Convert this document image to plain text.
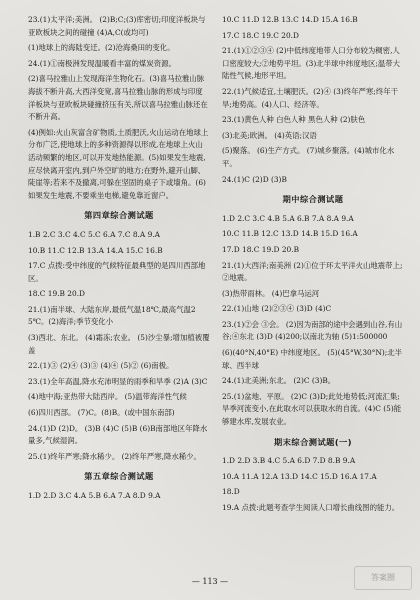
23.(1)太平洋;美洲。 (2)B;C;(3)库密切;印度洋板块与亚欧板块之间的碰撞 (4)A,C(或均可)
(1)地球上的海陆变迁。(2)沧海桑田的变化。
24.(1)①南极洲发现温暖看丰富的煤炭资源。
(2)喜马拉雅山上发现海洋生物化石。(3)喜马拉雅山脉海拔不断升高,大西洋变宽,喜马拉雅山脉的形成与印度洋板块与亚欧板块碰撞挤压有关,所以喜马拉雅山脉还在不断升高。
(4)例如:火山灰富含矿物质,土质肥沃,火山运动在地球上分布广泛,使地球上的多种资源得以形成,在地球上火山活动频繁的地区,可以开发地热能源。(5)如果发生地震,应尽快离开室内,到户外空旷的地方;在野外,避开山脚、陡崖等;若来不及撤离,可躲在坚固的桌子下或墙角。(6)如果发生地震,不要乘坐电梯,避免靠近窗户。
第四章综合测试题
1.B 2.C 3.C 4.C 5.C 6.A 7.C 8.A 9.A
10.B 11.C 12.B 13.A 14.A 15.C 16.B
17.C 点拨:受中纬度的气候特征最典型的是四川西部地区。
18.C 19.B 20.D
21.(1)南半球、大陆东岸,最低气温18℃,最高气温25℃。(2)海洋;季节变化小
(3)西北、东北。 (4)霜冻;农业。 (5)沙尘暴;增加植被覆盖
22.(1)③ (2)④ (3)③ (4)④ (5)② (6)南极。
23.(1)全年高温,降水充沛明显的雨季和旱季 (2)A (3)C
(4)地中海;亚热带大陆西岸。 (5)温带海洋性气候
(6)四川西部。 (7)C。(8)B。(或中国东南部)
24.(1)D (2)D。 (3)B (4)C (5)B (6)B南部地区年降水量多,气候湿润。
25.(1)终年严寒;降水稀少。 (2)终年严寒,降水稀少。
第五章综合测试题
1.D 2.D 3.C 4.A 5.B 6.A 7.A 8.D 9.A
10.C 11.D 12.B 13.C 14.D 15.A 16.B
17.C 18.C 19.C 20.D
21.(1)①②③④ (2)中低纬度地带人口分布较为稠密,人口密度较大;②地势平坦。(3)北半球中纬度地区;温带大陆性气候,地形平坦。
22.(1)气候适宜,土壤肥沃。(2)④ (3)终年严寒;终年干旱;地势高。(4)人口、经济等。
23.(1)黄色人种 白色人种 黑色人种 (2)肤色
(3)北美;欧洲。 (4)英语;汉语
(5)聚落。 (6)生产方式。 (7)城乡聚落。(4)城市化水平。
24.(1)C (2)D (3)B
期中综合测试题
1.D 2.C 3.C 4.B 5.A 6.B 7.A 8.A 9.A
10.C 11.B 12.C 13.D 14.B 15.D 16.A
17.D 18.C 19.D 20.B
21.(1)大西洋;南美洲 (2)①位于环太平洋火山地震带上;②地震。
(3)热带雨林。 (4)巴拿马运河
22.(1)山地 (2)②③④ (3)D (4)C
23.(1)②会 ③会。 (2)因为南部的途中会遇到山谷,有山谷;④东北 (3)D (4)200;以南北为轴 (5)1:500000
(6)(40°N,40°E) 中纬度地区。 (5)(45°W,30°N);北半球、西半球
24.(1)北美洲;东北。 (2)C (3)B。
25.(1)盆地、平原。 (2)C (3)D;此处地势低;河流汇集;旱季河流变小,在此取水可以获取水的自流。(4)C (5)能够建水库,发展农业。
期末综合测试题(一)
1.D 2.D 3.B 4.C 5.A 6.D 7.D 8.B 9.A
10.A 11.A 12.A 13.D 14.C 15.D 16.A 17.A
18.D
19.A 点拨:此题考查学生阅读人口增长曲线图的能力。
— 113 —	答案圈
